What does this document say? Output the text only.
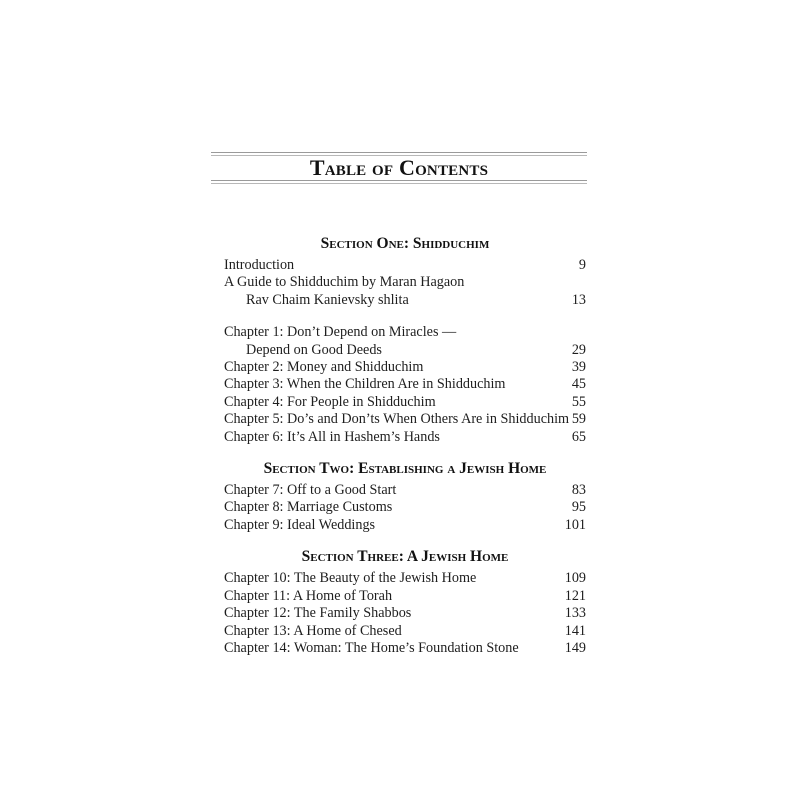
Table of Contents
Section One: Shidduchim
Introduction	9
A Guide to Shidduchim by Maran Hagaon
Rav Chaim Kanievsky shlita	13
Chapter 1: Don’t Depend on Miracles —
Depend on Good Deeds	29
Chapter 2: Money and Shidduchim	39
Chapter 3: When the Children Are in Shidduchim	45
Chapter 4: For People in Shidduchim	55
Chapter 5: Do’s and Don’ts When Others Are in Shidduchim 59
Chapter 6: It’s All in Hashem’s Hands	65
Section Two: Establishing a Jewish Home
Chapter 7: Off to a Good Start	83
Chapter 8: Marriage Customs	95
Chapter 9: Ideal Weddings	101
Section Three: A Jewish Home
Chapter 10: The Beauty of the Jewish Home	109
Chapter 11: A Home of Torah	121
Chapter 12: The Family Shabbos	133
Chapter 13: A Home of Chesed	141
Chapter 14: Woman: The Home’s Foundation Stone	149
